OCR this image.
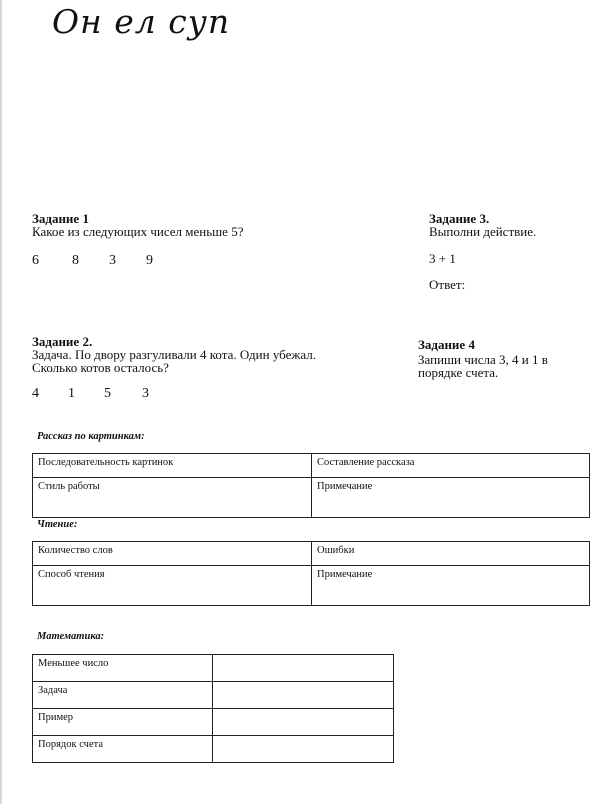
Он ел суп
Задание 1
Какое из следующих чисел меньше 5?
6 8 3 9
Задание 2.
Задача. По двору разгуливали 4 кота. Один убежал.
Сколько котов осталось?
4 1 5 3
Задание 3.
Выполни действие.
3 + 1
Ответ:
Задание 4
Запиши числа 3, 4 и 1 в
порядке счета.
Рассказ по картинкам:
Последовательность картинок	Составление рассказа
Стиль работы	Примечание
Чтение:
Количество слов	Ошибки
Способ чтения	Примечание
Математика:
Меньшее число	
Задача	
Пример	
Порядок счета	
